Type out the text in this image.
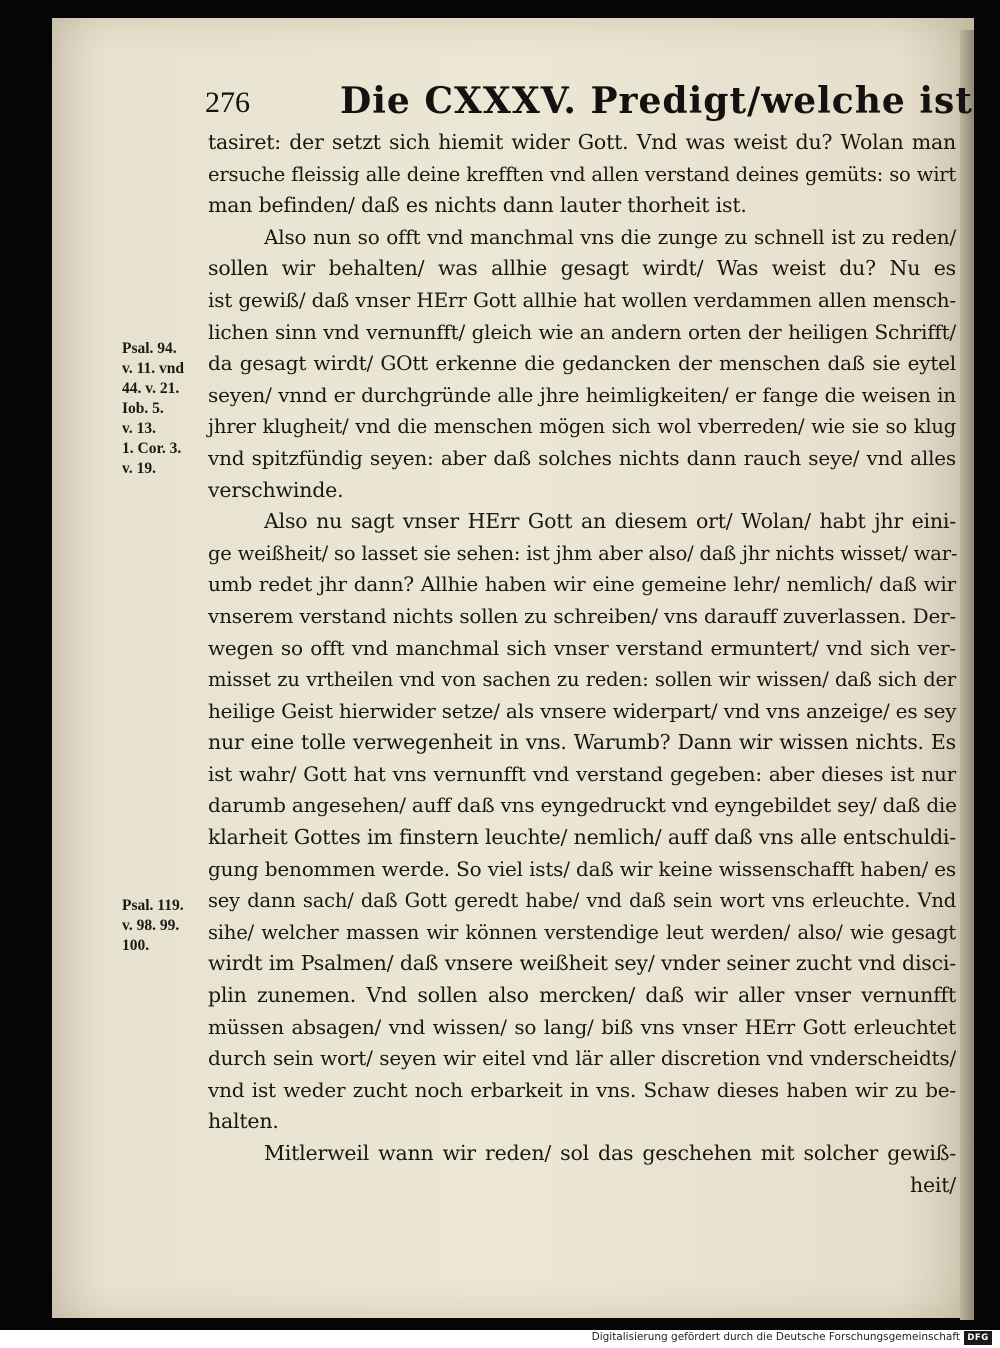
276	Die CXXXV. Predigt/welche ist
Psal. 94.
v. 11. vnd
44. v. 21.
Iob. 5.
v. 13.
1. Cor. 3.
v. 19.
Psal. 119.
v. 98. 99.
100.
tasiret: der setzt sich hiemit wider Gott. Vnd was weist du? Wolan man
ersuche fleissig alle deine krefften vnd allen verstand deines gemüts: so wirt
man befinden/ daß es nichts dann lauter thorheit ist.
Also nun so offt vnd manchmal vns die zunge zu schnell ist zu reden/
sollen wir behalten/ was allhie gesagt wirdt/ Was weist du? Nu es
ist gewiß/ daß vnser HErr Gott allhie hat wollen verdammen allen mensch-
lichen sinn vnd vernunfft/ gleich wie an andern orten der heiligen Schrifft/
da gesagt wirdt/ GOtt erkenne die gedancken der menschen daß sie eytel
seyen/ vnnd er durchgründe alle jhre heimligkeiten/ er fange die weisen in
jhrer klugheit/ vnd die menschen mögen sich wol vberreden/ wie sie so klug
vnd spitzfündig seyen: aber daß solches nichts dann rauch seye/ vnd alles
verschwinde.
Also nu sagt vnser HErr Gott an diesem ort/ Wolan/ habt jhr eini-
ge weißheit/ so lasset sie sehen: ist jhm aber also/ daß jhr nichts wisset/ war-
umb redet jhr dann? Allhie haben wir eine gemeine lehr/ nemlich/ daß wir
vnserem verstand nichts sollen zu schreiben/ vns darauff zuverlassen. Der-
wegen so offt vnd manchmal sich vnser verstand ermuntert/ vnd sich ver-
misset zu vrtheilen vnd von sachen zu reden: sollen wir wissen/ daß sich der
heilige Geist hierwider setze/ als vnsere widerpart/ vnd vns anzeige/ es sey
nur eine tolle verwegenheit in vns. Warumb? Dann wir wissen nichts. Es
ist wahr/ Gott hat vns vernunfft vnd verstand gegeben: aber dieses ist nur
darumb angesehen/ auff daß vns eyngedruckt vnd eyngebildet sey/ daß die
klarheit Gottes im finstern leuchte/ nemlich/ auff daß vns alle entschuldi-
gung benommen werde. So viel ists/ daß wir keine wissenschafft haben/ es
sey dann sach/ daß Gott geredt habe/ vnd daß sein wort vns erleuchte. Vnd
sihe/ welcher massen wir können verstendige leut werden/ also/ wie gesagt
wirdt im Psalmen/ daß vnsere weißheit sey/ vnder seiner zucht vnd disci-
plin zunemen. Vnd sollen also mercken/ daß wir aller vnser vernunfft
müssen absagen/ vnd wissen/ so lang/ biß vns vnser HErr Gott erleuchtet
durch sein wort/ seyen wir eitel vnd lär aller discretion vnd vnderscheidts/
vnd ist weder zucht noch erbarkeit in vns. Schaw dieses haben wir zu be-
halten.
Mitlerweil wann wir reden/ sol das geschehen mit solcher gewiß-
heit/
Digitalisierung gefördert durch die Deutsche Forschungsgemeinschaft DFG
